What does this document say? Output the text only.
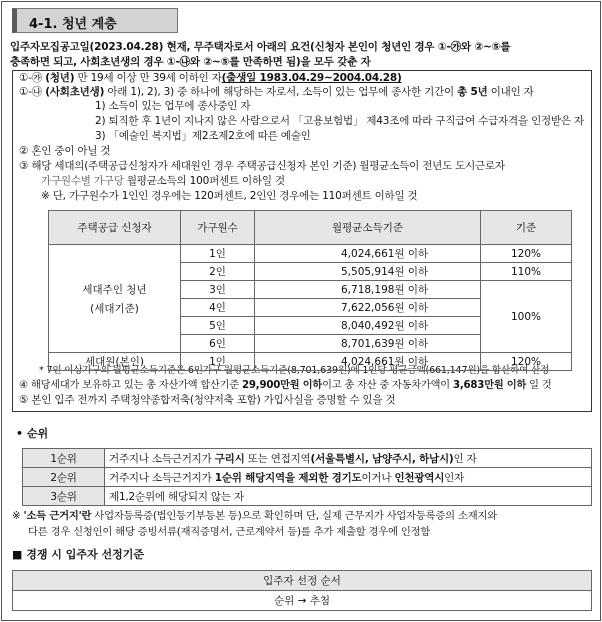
4-1. 청년 계층
입주자모집공고일(2023.04.28) 현재, 무주택자로서 아래의 요건(신청자 본인이 청년인 경우 ①-㉮와 ②~⑤를
충족하면 되고, 사회초년생의 경우 ①-㉯와 ②~⑤를 만족하면 됨)을 모두 갖춘 자
①-㉮ (청년) 만 19세 이상 만 39세 이하인 자(출생일 1983.04.29~2004.04.28)
①-㉯ (사회초년생) 아래 1), 2), 3) 중 하나에 해당하는 자로서, 소득이 있는 업무에 종사한 기간이 총 5년 이내인 자
1) 소득이 있는 업무에 종사중인 자
2) 퇴직한 후 1년이 지나지 않은 사람으로서 「고용보험법」 제43조에 따라 구직급여 수급자격을 인정받은 자
3) 「예술인 복지법」제2조제2호에 따른 예술인
② 혼인 중이 아닐 것
③ 해당 세대의(주택공급신청자가 세대원인 경우 주택공급신청자 본인 기준) 월평균소득이 전년도 도시근로자
가구원수별 가구당 월평균소득의 100퍼센트 이하일 것
※ 단, 가구원수가 1인인 경우에는 120퍼센트, 2인인 경우에는 110퍼센트 이하일 것
* 7인 이상가구의 월평균소득기준은 6인가구 월평균소득기준(8,701,639원)에 1인당 평균금액(661,147원)을 합산하여 산정
④ 해당세대가 보유하고 있는 총 자산가액 합산기준 29,900만원 이하이고 총 자산 중 자동차가액이 3,683만원 이하 일 것
⑤ 본인 입주 전까지 주택청약종합저축(청약저축 포함) 가입사실을 증명할 수 있을 것
주택공급 신청자	가구원수	월평균소득기준	기준

세대주인 청년
(세대기준)	1인	4,024,661원 이하	120%
	2인	5,505,914원 이하	110%
	3인	6,718,198원 이하	100%
	4인	7,622,056원 이하	
	5인	8,040,492원 이하	
	6인	8,701,639원 이하	
세대원(본인)	1인	4,024,661원 이하	120%
• 순위
1순위	거주지나 소득근거지가 구리시 또는 연접지역(서울특별시, 남양주시, 하남시)인 자
2순위	거주지나 소득근거지가 1순위 해당지역을 제외한 경기도이거나 인천광역시인자
3순위	제1,2순위에 해당되지 않는 자
※ '소득 근거지'란 사업자등록증(법인등기부등본 등)으로 확인하며 단, 실제 근무지가 사업자등록증의 소재지와
다른 경우 신청인이 해당 증빙서류(재직증명서, 근로계약서 등)를 추가 제출할 경우에 인정함
■ 경쟁 시 입주자 선정기준
입주자 선정 순서
순위 → 추첨
